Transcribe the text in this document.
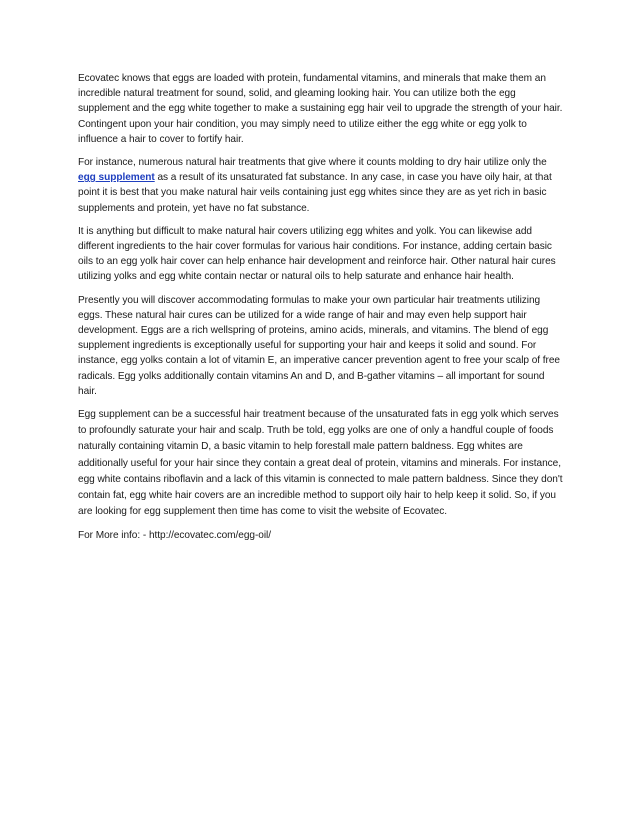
Ecovatec knows that eggs are loaded with protein, fundamental vitamins, and minerals that make them an incredible natural treatment for sound, solid, and gleaming looking hair. You can utilize both the egg supplement and the egg white together to make a sustaining egg hair veil to upgrade the strength of your hair. Contingent upon your hair condition, you may simply need to utilize either the egg white or egg yolk to influence a hair to cover to fortify hair.

For instance, numerous natural hair treatments that give where it counts molding to dry hair utilize only the egg supplement as a result of its unsaturated fat substance. In any case, in case you have oily hair, at that point it is best that you make natural hair veils containing just egg whites since they are as yet rich in basic supplements and protein, yet have no fat substance.

It is anything but difficult to make natural hair covers utilizing egg whites and yolk. You can likewise add different ingredients to the hair cover formulas for various hair conditions. For instance, adding certain basic oils to an egg yolk hair cover can help enhance hair development and reinforce hair. Other natural hair cures utilizing yolks and egg white contain nectar or natural oils to help saturate and enhance hair health.

Presently you will discover accommodating formulas to make your own particular hair treatments utilizing eggs. These natural hair cures can be utilized for a wide range of hair and may even help support hair development. Eggs are a rich wellspring of proteins, amino acids, minerals, and vitamins. The blend of egg supplement ingredients is exceptionally useful for supporting your hair and keeps it solid and sound. For instance, egg yolks contain a lot of vitamin E, an imperative cancer prevention agent to free your scalp of free radicals. Egg yolks additionally contain vitamins An and D, and B-gather vitamins – all important for sound hair.

Egg supplement can be a successful hair treatment because of the unsaturated fats in egg yolk which serves to profoundly saturate your hair and scalp. Truth be told, egg yolks are one of only a handful couple of foods naturally containing vitamin D, a basic vitamin to help forestall male pattern baldness. Egg whites are additionally useful for your hair since they contain a great deal of protein, vitamins and minerals. For instance, egg white contains riboflavin and a lack of this vitamin is connected to male pattern baldness. Since they don't contain fat, egg white hair covers are an incredible method to support oily hair to help keep it solid. So, if you are looking for egg supplement then time has come to visit the website of Ecovatec.

For More info: - http://ecovatec.com/egg-oil/
